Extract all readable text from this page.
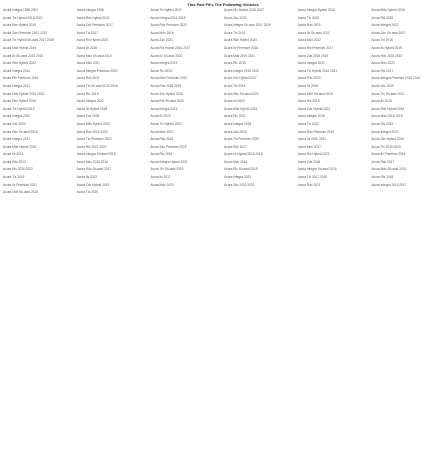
This Part Fit's The Following Vehicles
Acura Integra 1996 2001
Acura Tlx Hybrid 2018 2021
Acura Rdx Hybrid 2015
Acura Zdx Premium 2021 2022
Acura Tlx Hybrid Sh-awd 2017 2020
Acura Mdx Hybrid 2019
Acura Ilx Sh-awd 2010 2015
Acura Rdx Hybrid 2022
Acura Integra 2011
Acura Rlx Premium 2016
Acura Integra 2021
Acura Mdx Hybrid 2019 2022
Acura Rdx Hybrid 2018
Acura Tlx Hybrid 2016
Acura Integra 2020
Acura Zdx 2020
Acura Rdx Sh-awd 2016
Acura Integra 2017
Acura Mdx Hybrid 2022
Acura Ilx 2015
Acura Rdx 2013
Acura Rlx 2020 2022
Acura Tlx 2018
Acura Ilx Premium 2021
Acura Mdx Sh-awd 2018
Acura Integra 1998
Acura Rdx Hybrid 2021
Acura Zdx Premium 2017
Acura Tlx 2017
Acura Rlx Hybrid 2021
Acura Ilx 2016
Acura Mdx Sh-awd 2019
Acura Mdx 2021
Acura Integra Premium 2020
Acura Rdx 2021
Acura Tlx Sh-awd 2015 2016
Acura Rlx 2019
Acura Integra 2022
Acura Ilx Hybrid 2018
Acura Zdx 2016
Acura Mdx Hybrid 2020
Acura Rdx 2015 2020
Acura Tlx Premium 2022
Acura Rlx 2021 2022
Acura Integra Sh-awd 2018
Acura Mdx 2015 2016
Acura Rdx Sh-awd 2017
Acura Ilx 2022
Acura Zdx Hybrid 2019
Acura Tlx 2020
Acura Tlx Hybrid 2017
Acura Integra 2016 2018
Acura Rdx Premium 2022
Acura Mdx 2016
Acura Zdx 2021
Acura Rlx Hybrid 2016 2017
Acura Ilx Sh-awd 2022
Acura Integra 2019
Acura Tlx 2015
Acura Mdx Premium 2022
Acura Rdx 2018 2019
Acura Zdx Hybrid 2018
Acura Rlx Sh-awd 2020
Acura Integra 2015
Acura Ilx 2020
Acura Tlx Hybrid 2022
Acura Mdx 2017
Acura Rdx 2016
Acura Zdx Premium 2019
Acura Rlx 2018
Acura Integra Hybrid 2021
Acura Tlx Sh-awd 2019
Acura Ilx 2017
Acura Mdx 2020
Acura Rlx Hybrid 2015 2017
Acura Zdx 2022
Acura Integra Sh-awd 2017 2019
Acura Tlx 2021
Acura Rdx Hybrid 2020
Acura Ilx Premium 2018
Acura Mdx 2019 2021
Acura Rlx 2015
Acura Integra 2016 2020
Acura Zdx Hybrid 2017
Acura Tlx 2018
Acura Rdx Sh-awd 2022
Acura Ilx 2019
Acura Mdx Hybrid 2016
Acura Rlx 2021
Acura Integra 2018
Acura Zdx 2015
Acura Tlx Premium 2020
Acura Rdx 2017
Acura Ilx Hybrid 2015 2016
Acura Mdx 2018
Acura Rlx Sh-awd 2019
Acura Integra 2021
Acura Zdx 2020 2022
Acura Integra Hybrid 2016
Acura Tlx 2019
Acura Rdx 2015
Acura Ilx Sh-awd 2021
Acura Mdx 2022
Acura Rlx Premium 2017
Acura Zdx 2018 2019
Acura Integra 2017
Acura Tlx Hybrid 2016 2021
Acura Rdx 2020
Acura Ilx 2018
Acura Mdx Sh-awd 2015
Acura Rlx 2016
Acura Zdx Hybrid 2021
Acura Integra 2019
Acura Tlx 2022
Acura Rdx Premium 2019
Acura Ilx 2020 2021
Acura Mdx 2017
Acura Rlx Hybrid 2022
Acura Zdx 2016
Acura Integra Sh-awd 2015
Acura Tlx 2017 2018
Acura Rdx 2021
Acura Mdx Hybrid 2015
Acura Rlx 2020
Acura Integra 2022
Acura Zdx Sh-awd 2017
Acura Tlx 2016
Acura Ilx Hybrid 2019
Acura Rdx 2018 2022
Acura Mdx 2020
Acura Rlx 2017
Acura Integra Premium 2015 2016
Acura Zdx 2019
Acura Tlx Sh-awd 2021
Acura Ilx 2015
Acura Rdx Hybrid 2016
Acura Mdx 2018 2019
Acura Rlx 2022
Acura Integra 2020
Acura Zdx Hybrid 2015
Acura Tlx 2019 2020
Acura Ilx Premium 2016
Acura Rdx 2017
Acura Mdx Sh-awd 2021
Acura Rlx 2018
Acura Integra 2015 2017
